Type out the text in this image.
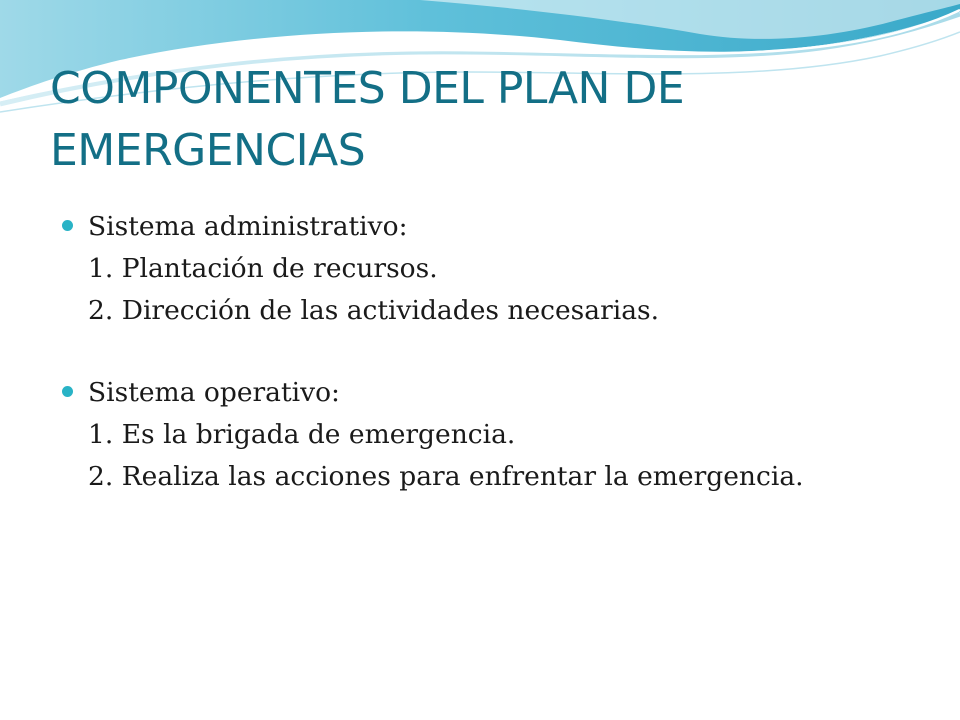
COMPONENTES DEL PLAN DE EMERGENCIAS
Sistema administrativo:
1. Plantación de recursos.
2. Dirección de las actividades necesarias.
Sistema operativo:
1. Es la brigada de emergencia.
2. Realiza las acciones para enfrentar la emergencia.
